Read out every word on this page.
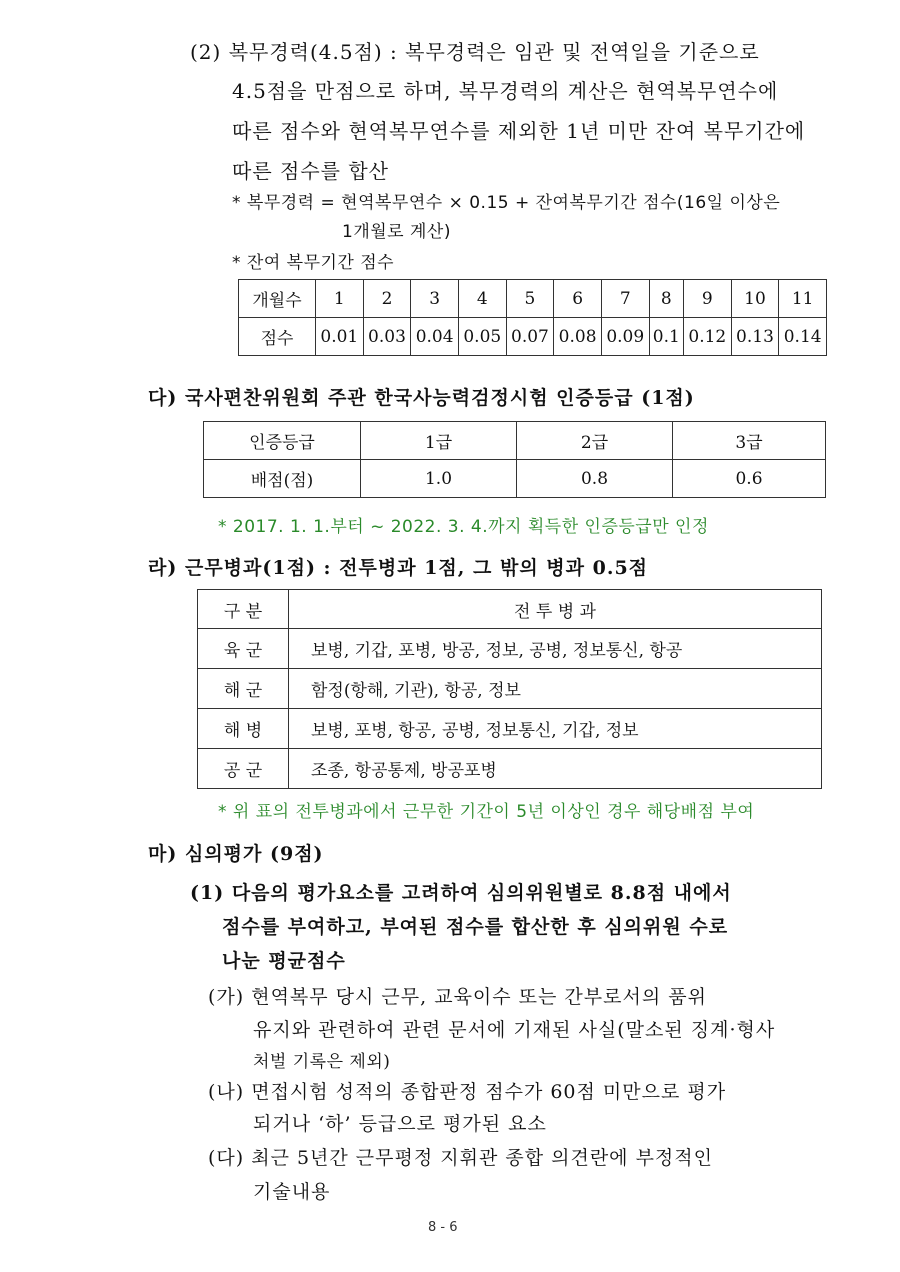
(2) 복무경력(4.5점) : 복무경력은 임관 및 전역일을 기준으로
4.5점을 만점으로 하며, 복무경력의 계산은 현역복무연수에
따른 점수와 현역복무연수를 제외한 1년 미만 잔여 복무기간에
따른 점수를 합산
* 복무경력 = 현역복무연수 × 0.15 + 잔여복무기간 점수(16일 이상은
1개월로 계산)
* 잔여 복무기간 점수
개월수	1	2	3	4	5	6	7	8	9	10	11
점수	0.01	0.03	0.04	0.05	0.07	0.08	0.09	0.1	0.12	0.13	0.14
다) 국사편찬위원회 주관 한국사능력검정시험 인증등급 (1점)
인증등급	1급	2급	3급
배점(점)	1.0	0.8	0.6
* 2017. 1. 1.부터 ~ 2022. 3. 4.까지 획득한 인증등급만 인정
라) 근무병과(1점) : 전투병과 1점, 그 밖의 병과 0.5점
구 분	전 투 병 과
육 군	보병, 기갑, 포병, 방공, 정보, 공병, 정보통신, 항공
해 군	함정(항해, 기관), 항공, 정보
해 병	보병, 포병, 항공, 공병, 정보통신, 기갑, 정보
공 군	조종, 항공통제, 방공포병
* 위 표의 전투병과에서 근무한 기간이 5년 이상인 경우 해당배점 부여
마) 심의평가 (9점)
(1) 다음의 평가요소를 고려하여 심의위원별로 8.8점 내에서
점수를 부여하고, 부여된 점수를 합산한 후 심의위원 수로
나눈 평균점수
(가) 현역복무 당시 근무, 교육이수 또는 간부로서의 품위
유지와 관련하여 관련 문서에 기재된 사실(말소된 징계·형사
처벌 기록은 제외)
(나) 면접시험 성적의 종합판정 점수가 60점 미만으로 평가
되거나 ‘하’ 등급으로 평가된 요소
(다) 최근 5년간 근무평정 지휘관 종합 의견란에 부정적인
기술내용
8 - 6
